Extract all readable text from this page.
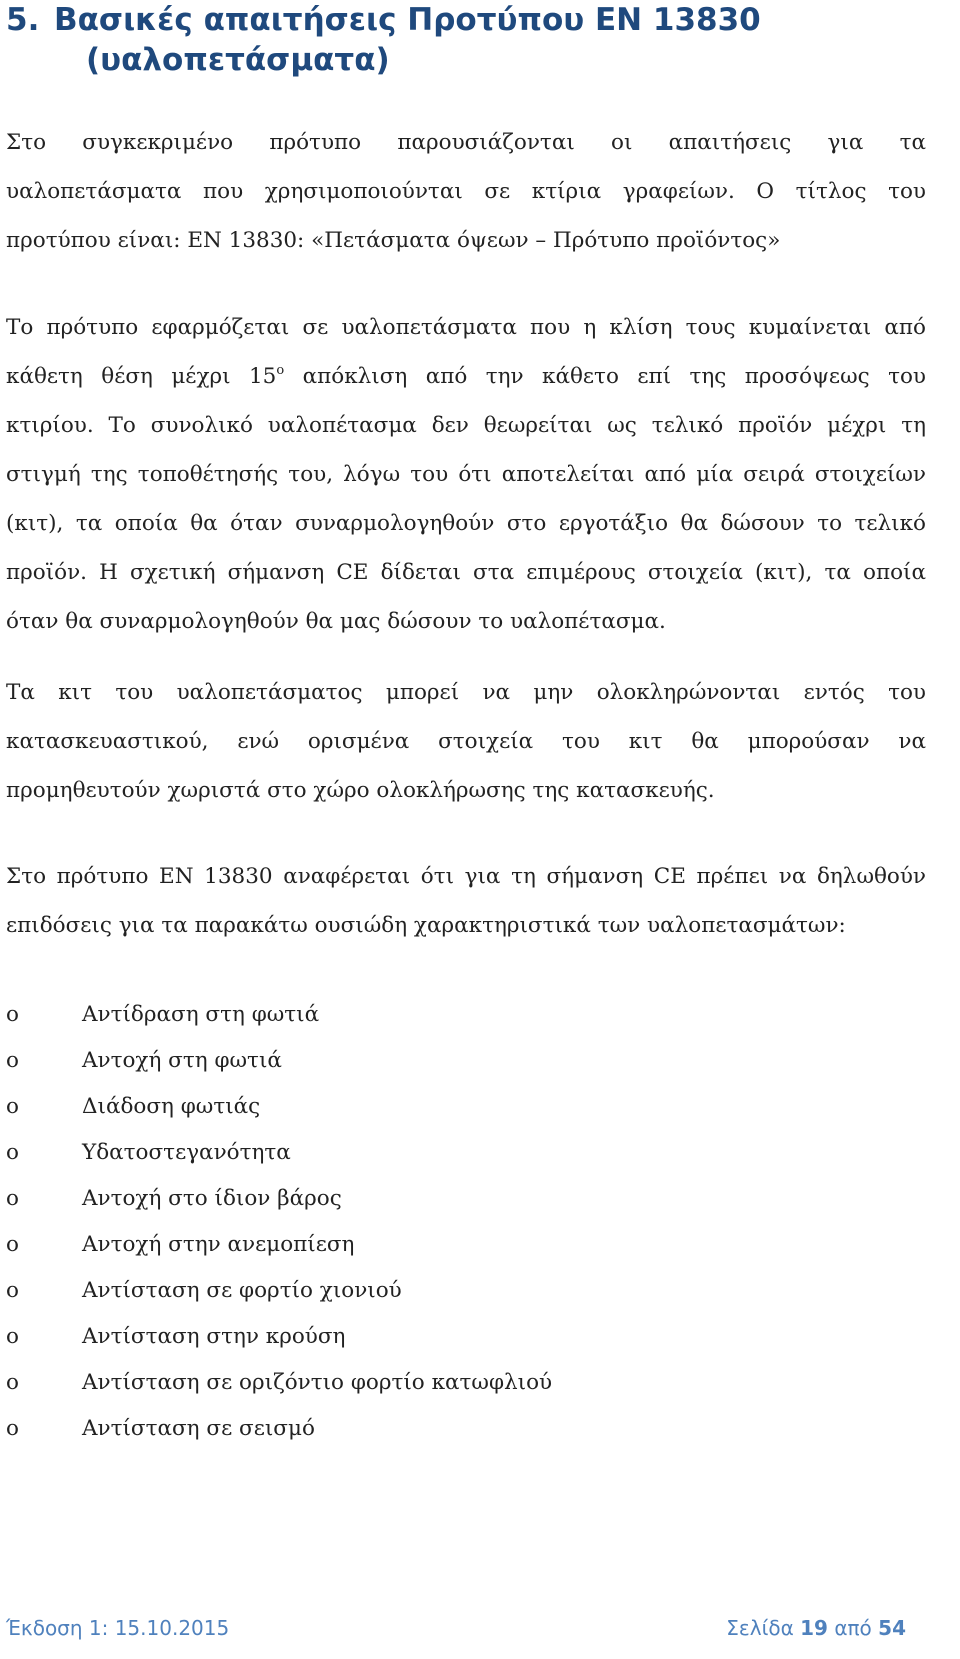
5. Βασικές απαιτήσεις Προτύπου ΕΝ 13830
(υαλοπετάσματα)

Στο συγκεκριμένο πρότυπο παρουσιάζονται οι απαιτήσεις για τα
υαλοπετάσματα που χρησιμοποιούνται σε κτίρια γραφείων. Ο τίτλος του
προτύπου είναι: ΕΝ 13830: «Πετάσματα όψεων – Πρότυπο προϊόντος»

Το πρότυπο εφαρμόζεται σε υαλοπετάσματα που η κλίση τους κυμαίνεται από
κάθετη θέση μέχρι $15^o$ απόκλιση από την κάθετο επί της προσόψεως του
κτιρίου. Το συνολικό υαλοπέτασμα δεν θεωρείται ως τελικό προϊόν μέχρι τη
στιγμή της τοποθέτησής του, λόγω του ότι αποτελείται από μία σειρά στοιχείων
(κιτ), τα οποία θα όταν συναρμολογηθούν στο εργοτάξιο θα δώσουν το τελικό
προϊόν. Η σχετική σήμανση CE δίδεται στα επιμέρους στοιχεία (κιτ), τα οποία
όταν θα συναρμολογηθούν θα μας δώσουν το υαλοπέτασμα.

Τα κιτ του υαλοπετάσματος μπορεί να μην ολοκληρώνονται εντός του
κατασκευαστικού, ενώ ορισμένα στοιχεία του κιτ θα μπορούσαν να
προμηθευτούν χωριστά στο χώρο ολοκλήρωσης της κατασκευής.

Στο πρότυπο ΕΝ 13830 αναφέρεται ότι για τη σήμανση CE πρέπει να δηλωθούν
επιδόσεις για τα παρακάτω ουσιώδη χαρακτηριστικά των υαλοπετασμάτων:

o	Αντίδραση στη φωτιά
o	Αντοχή στη φωτιά
o	Διάδοση φωτιάς
o	Υδατοστεγανότητα
o	Αντοχή στο ίδιον βάρος
o	Αντοχή στην ανεμοπίεση
o	Αντίσταση σε φορτίο χιονιού
o	Αντίσταση στην κρούση
o	Αντίσταση σε οριζόντιο φορτίο κατωφλιού
o	Αντίσταση σε σεισμό
Έκδοση 1: 15.10.2015	Σελίδα 19 από 54
